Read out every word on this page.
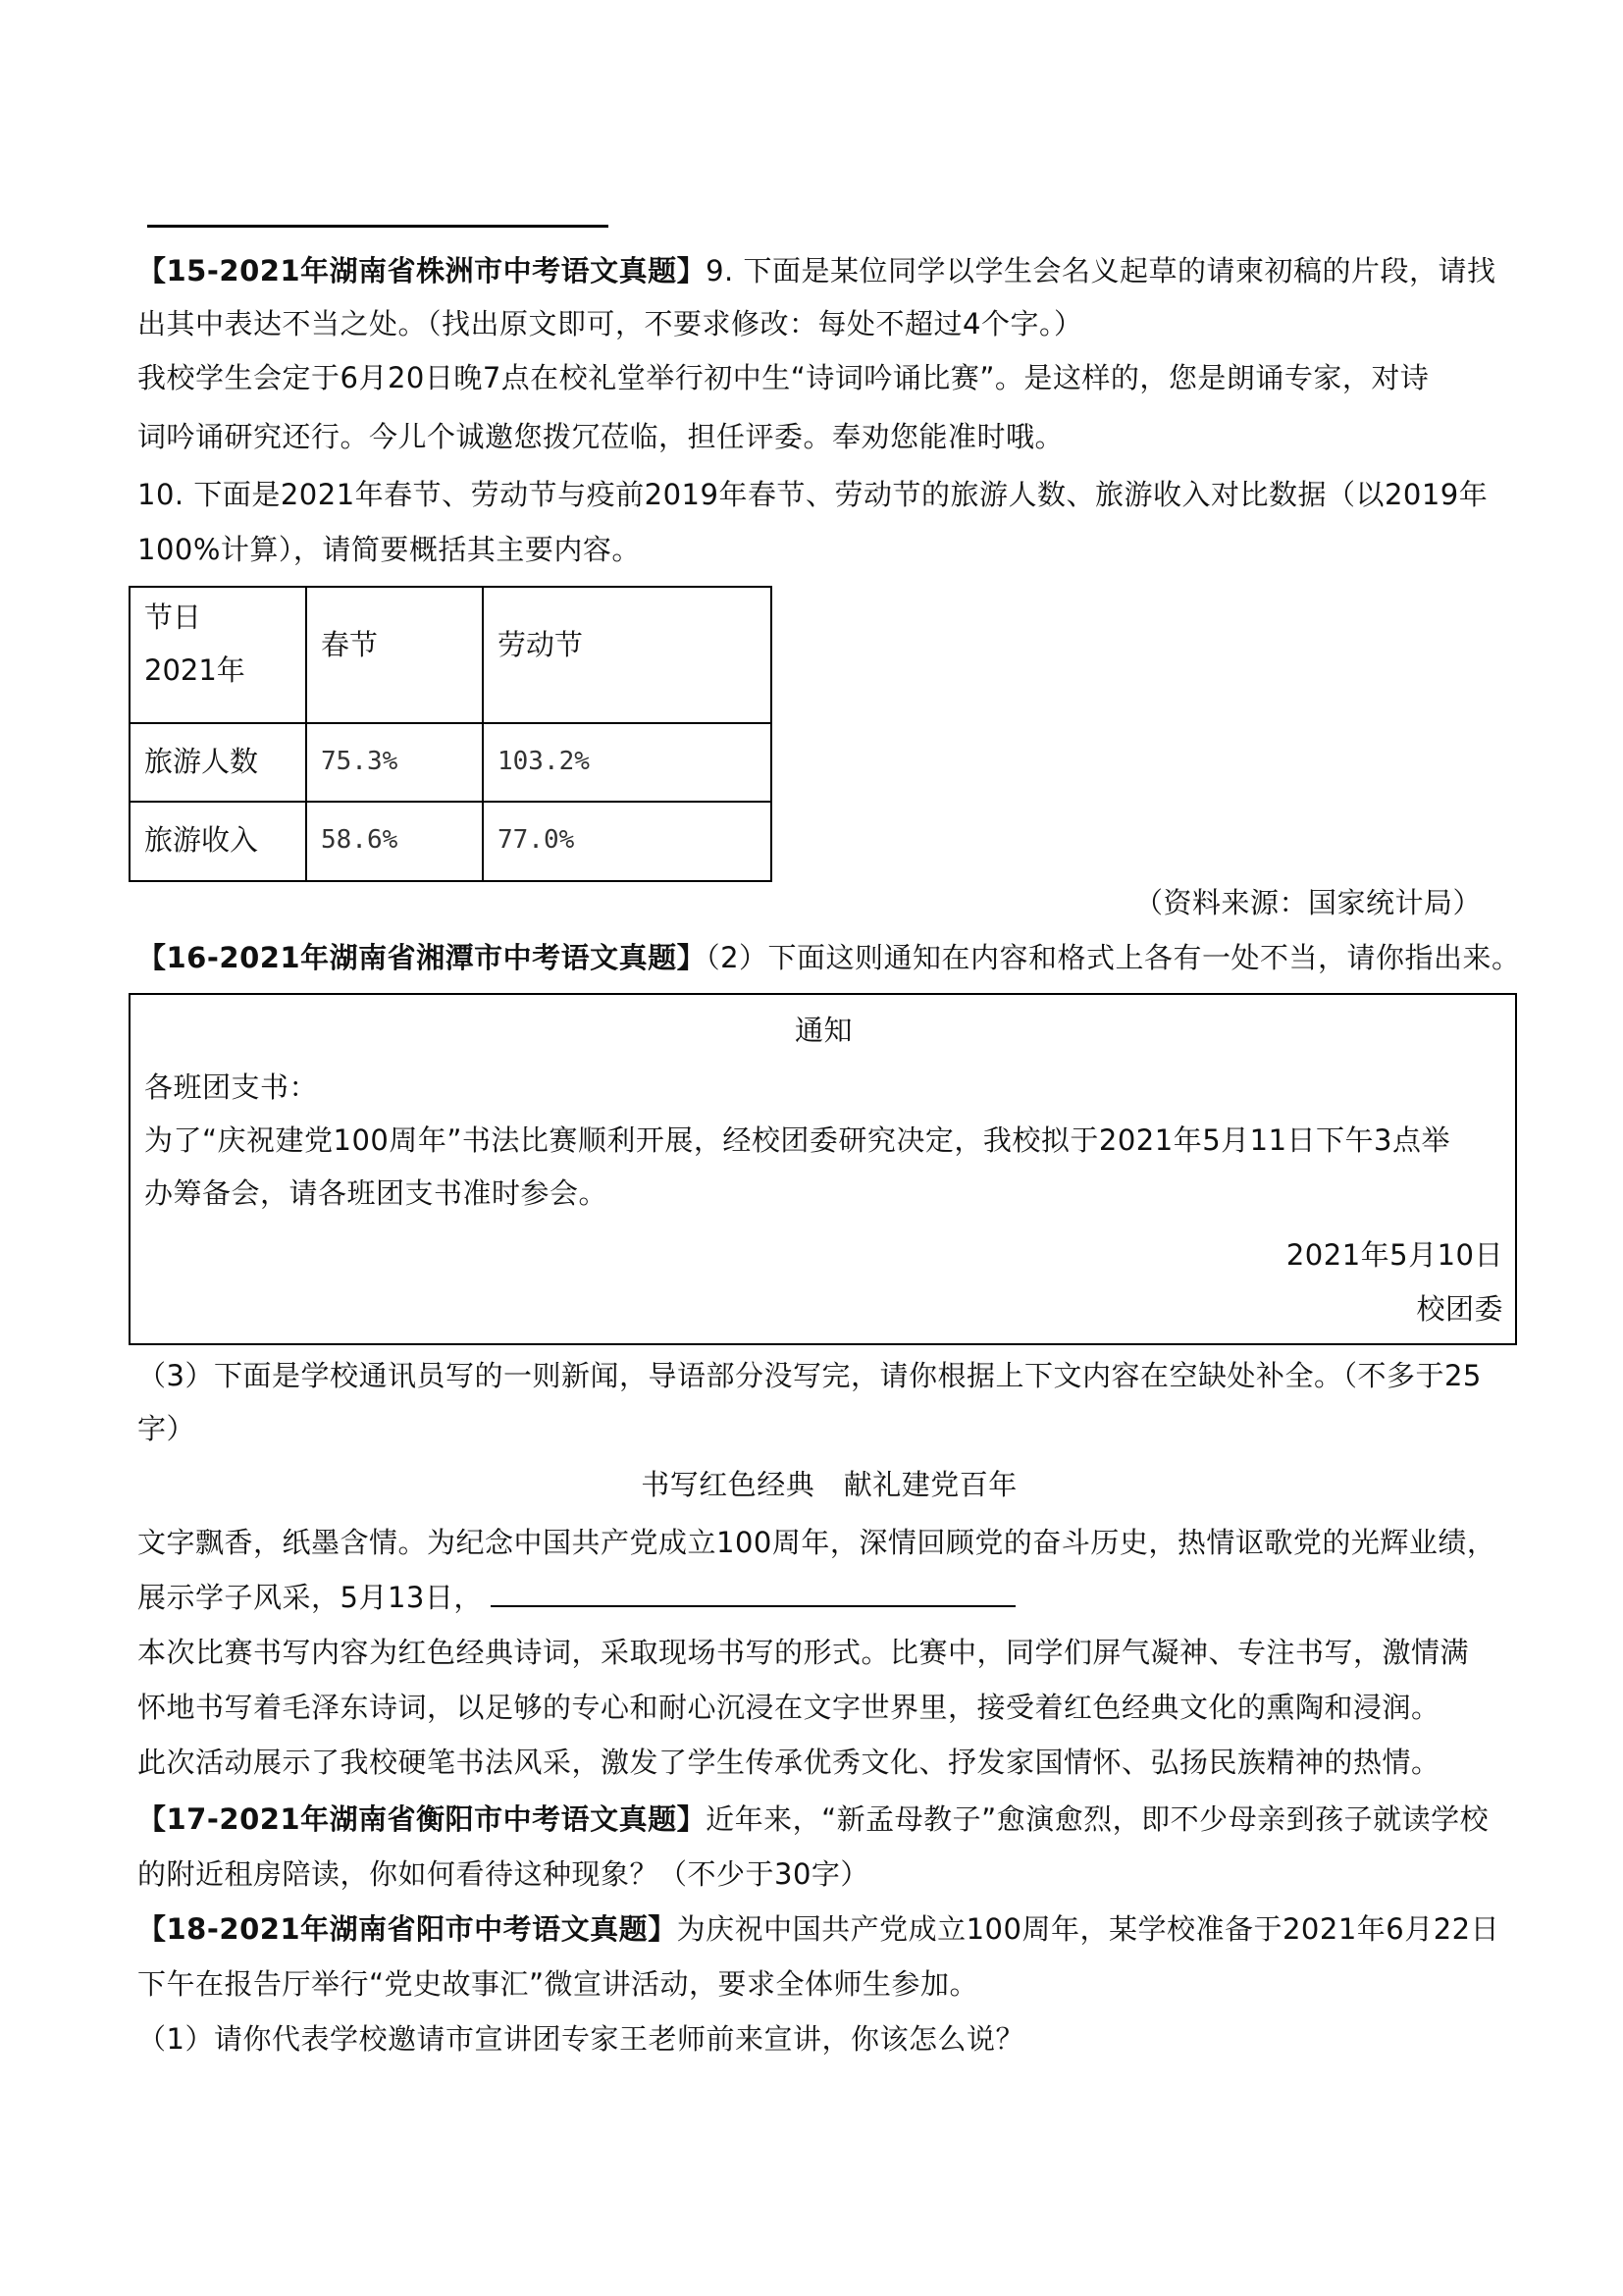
【15-2021年湖南省株洲市中考语文真题】9. 下面是某位同学以学生会名义起草的请柬初稿的片段，请找
出其中表达不当之处。（找出原文即可，不要求修改：每处不超过4个字。）
我校学生会定于6月20日晚7点在校礼堂举行初中生“诗词吟诵比赛”。是这样的，您是朗诵专家，对诗
词吟诵研究还行。今儿个诚邀您拨冗莅临，担任评委。奉劝您能准时哦。
10. 下面是2021年春节、劳动节与疫前2019年春节、劳动节的旅游人数、旅游收入对比数据（以2019年
100%计算），请简要概括其主要内容。
节日
2021年	春节	劳动节

旅游人数	75.3%	103.2%

旅游收入	58.6%	77.0%
（资料来源：国家统计局）
【16-2021年湖南省湘潭市中考语文真题】（2）下面这则通知在内容和格式上各有一处不当，请你指出来。
通知
各班团支书：
为了“庆祝建党100周年”书法比赛顺利开展，经校团委研究决定，我校拟于2021年5月11日下午3点举
办筹备会，请各班团支书准时参会。
2021年5月10日
校团委
（3）下面是学校通讯员写的一则新闻，导语部分没写完，请你根据上下文内容在空缺处补全。（不多于25
字）
书写红色经典　献礼建党百年
文字飘香，纸墨含情。为纪念中国共产党成立100周年，深情回顾党的奋斗历史，热情讴歌党的光辉业绩，
展示学子风采，5月13日，
本次比赛书写内容为红色经典诗词，采取现场书写的形式。比赛中，同学们屏气凝神、专注书写，激情满
怀地书写着毛泽东诗词，以足够的专心和耐心沉浸在文字世界里，接受着红色经典文化的熏陶和浸润。
此次活动展示了我校硬笔书法风采，激发了学生传承优秀文化、抒发家国情怀、弘扬民族精神的热情。
【17-2021年湖南省衡阳市中考语文真题】近年来，“新孟母教子”愈演愈烈，即不少母亲到孩子就读学校
的附近租房陪读，你如何看待这种现象？（不少于30字）
【18-2021年湖南省阳市中考语文真题】为庆祝中国共产党成立100周年，某学校准备于2021年6月22日
下午在报告厅举行“党史故事汇”微宣讲活动，要求全体师生参加。
（1）请你代表学校邀请市宣讲团专家王老师前来宣讲，你该怎么说？
